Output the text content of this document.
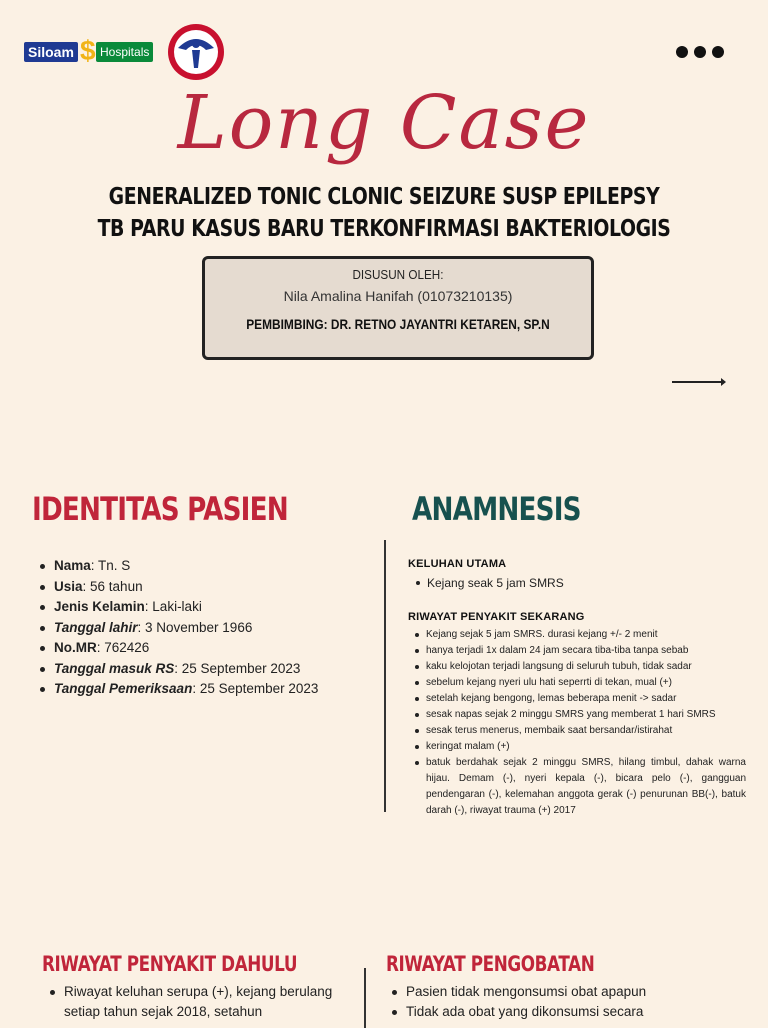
Siloam $ Hospitals
Long Case
GENERALIZED TONIC CLONIC SEIZURE SUSP EPILEPSY
TB PARU KASUS BARU TERKONFIRMASI BAKTERIOLOGIS
DISUSUN OLEH:
Nila Amalina Hanifah (01073210135)
PEMBIMBING: DR. RETNO JAYANTRI KETAREN, SP.N
IDENTITAS PASIEN
Nama: Tn. S
Usia: 56 tahun
Jenis Kelamin: Laki-laki
Tanggal lahir: 3 November 1966
No.MR: 762426
Tanggal masuk RS: 25 September 2023
Tanggal Pemeriksaan: 25 September 2023
ANAMNESIS
KELUHAN UTAMA
Kejang seak 5 jam SMRS
RIWAYAT PENYAKIT SEKARANG
Kejang sejak 5 jam SMRS. durasi kejang +/- 2 menit
hanya terjadi 1x dalam 24 jam secara tiba-tiba tanpa sebab
kaku kelojotan terjadi langsung di seluruh tubuh, tidak sadar
sebelum kejang nyeri ulu hati seperrti di tekan, mual (+)
setelah kejang bengong, lemas beberapa menit -> sadar
sesak napas sejak 2 minggu SMRS yang memberat 1 hari SMRS
sesak terus menerus, membaik saat bersandar/istirahat
keringat malam (+)
batuk berdahak sejak 2 minggu SMRS, hilang timbul, dahak warna hijau. Demam (-), nyeri kepala (-), bicara pelo (-), gangguan pendengaran (-), kelemahan anggota gerak (-) penurunan BB(-), batuk darah (-), riwayat trauma (+) 2017
RIWAYAT PENYAKIT DAHULU
Riwayat keluhan serupa (+), kejang berulang setiap tahun sejak 2018, setahun
RIWAYAT PENGOBATAN
Pasien tidak mengonsumsi obat apapun
Tidak ada obat yang dikonsumsi secara
